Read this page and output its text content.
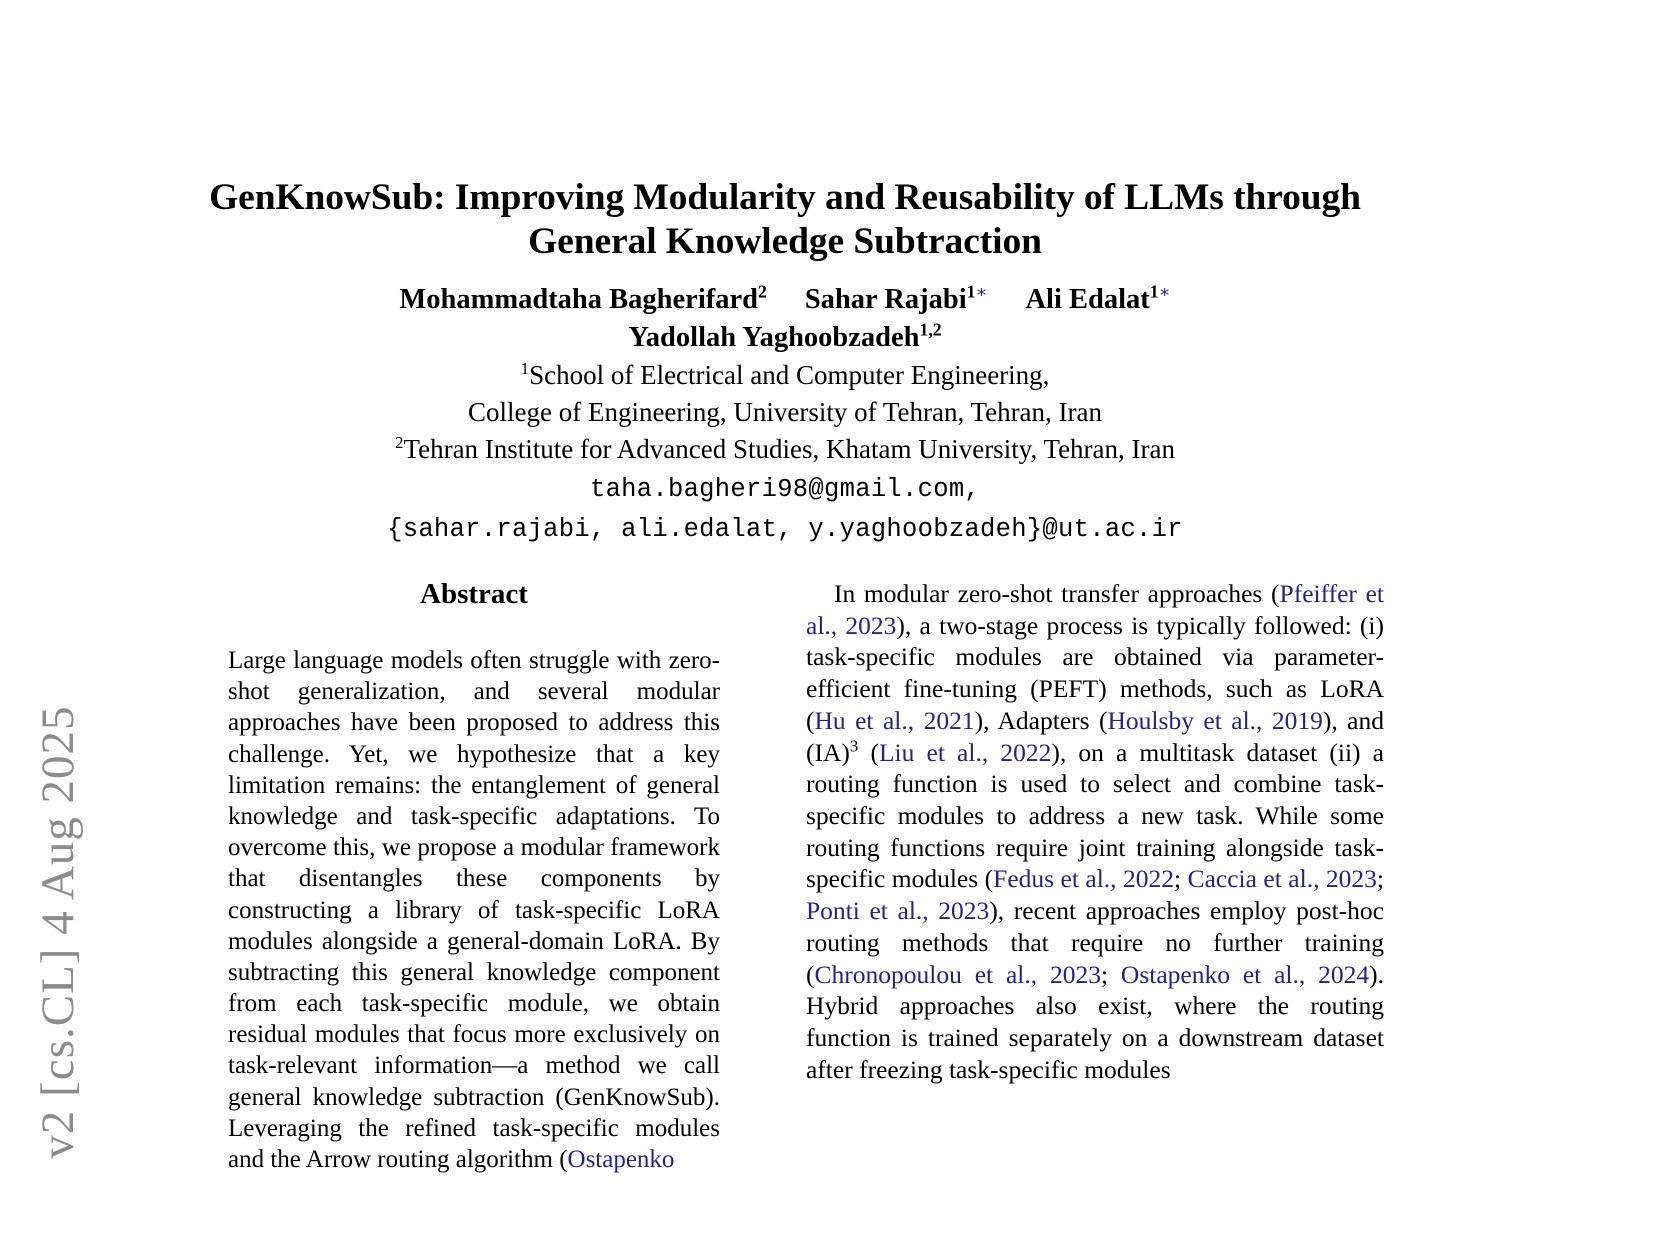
v2 [cs.CL] 4 Aug 2025
GenKnowSub: Improving Modularity and Reusability of LLMs through
General Knowledge Subtraction
Mohammadtaha Bagherifard$^2$ Sahar Rajabi$^{1∗}$ Ali Edalat$^{1∗}$
Yadollah Yaghoobzadeh$^{1,2}$
$^1$School of Electrical and Computer Engineering,
College of Engineering, University of Tehran, Tehran, Iran
$^2$Tehran Institute for Advanced Studies, Khatam University, Tehran, Iran
taha.bagheri98@gmail.com,
{sahar.rajabi, ali.edalat, y.yaghoobzadeh}@ut.ac.ir
Abstract

Large language models often struggle with zero-shot generalization, and several modular approaches have been proposed to address this challenge. Yet, we hypothesize that a key limitation remains: the entanglement of general knowledge and task-specific adaptations. To overcome this, we propose a modular framework that disentangles these components by constructing a library of task-specific LoRA modules alongside a general-domain LoRA. By subtracting this general knowledge component from each task-specific module, we obtain residual modules that focus more exclusively on task-relevant information—a method we call general knowledge subtraction (GenKnowSub). Leveraging the refined task-specific modules and the Arrow routing algorithm (Ostapenko

In modular zero-shot transfer approaches (Pfeiffer et al., 2023), a two-stage process is typically followed: (i) task-specific modules are obtained via parameter-efficient fine-tuning (PEFT) methods, such as LoRA (Hu et al., 2021), Adapters (Houlsby et al., 2019), and (IA)$^3$ (Liu et al., 2022), on a multitask dataset (ii) a routing function is used to select and combine task-specific modules to address a new task. While some routing functions require joint training alongside task-specific modules (Fedus et al., 2022; Caccia et al., 2023; Ponti et al., 2023), recent approaches employ post-hoc routing methods that require no further training (Chronopoulou et al., 2023; Ostapenko et al., 2024). Hybrid approaches also exist, where the routing function is trained separately on a downstream dataset after freezing task-specific modules
